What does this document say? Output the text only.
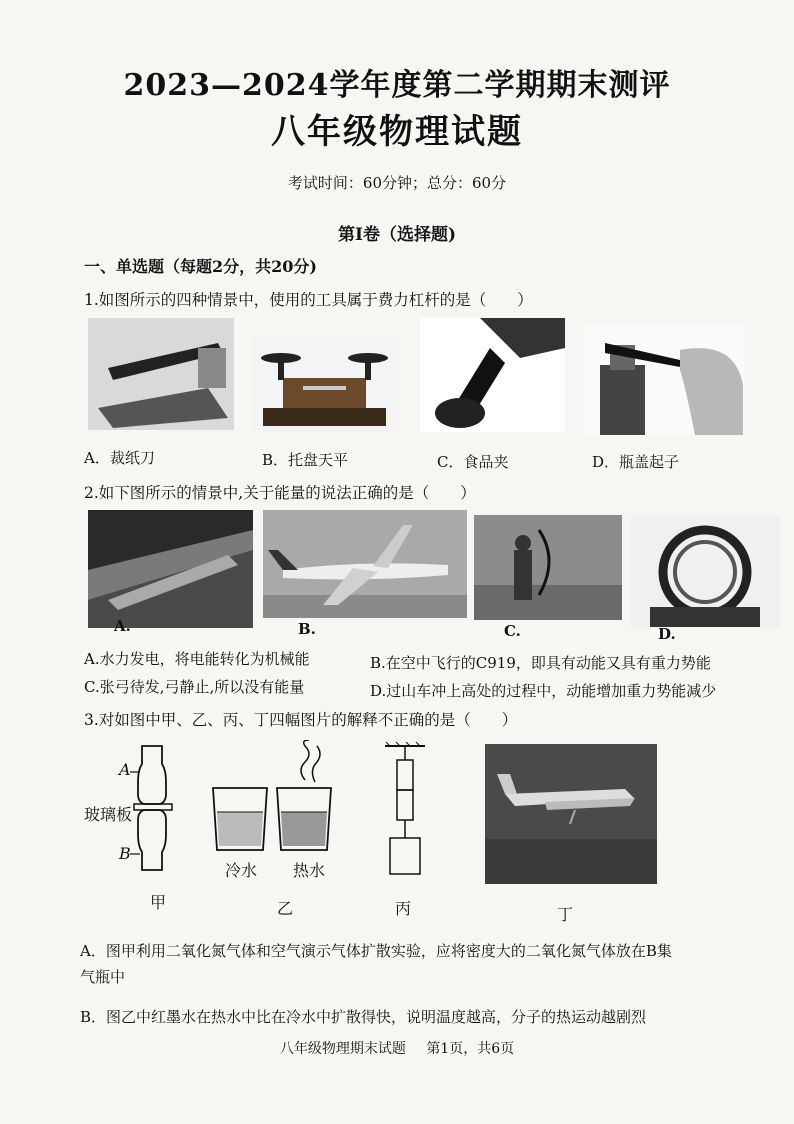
2023—2024学年度第二学期期末测评
八年级物理试题
考试时间：60分钟；总分：60分
第Ⅰ卷（选择题)
一、单选题（每题2分，共20分)
1.如图所示的四种情景中，使用的工具属于费力杠杆的是（　　）
A．裁纸刀	B．托盘天平	C．食品夹	D．瓶盖起子
2.如下图所示的情景中,关于能量的说法正确的是（　　）
A.	B.	C.	D.
A.水力发电，将电能转化为机械能	B.在空中飞行的C919，即具有动能又具有重力势能
C.张弓待发,弓静止,所以没有能量	D.过山车冲上高处的过程中，动能增加重力势能减少
3.对如图中甲、乙、丙、丁四幅图片的解释不正确的是（　　）
A
玻璃板
B
甲
冷水 热水
乙	丙	丁
A．图甲利用二氧化氮气体和空气演示气体扩散实验，应将密度大的二氧化氮气体放在B集
气瓶中
B．图乙中红墨水在热水中比在冷水中扩散得快，说明温度越高，分子的热运动越剧烈
八年级物理期末试题 第1页，共6页
